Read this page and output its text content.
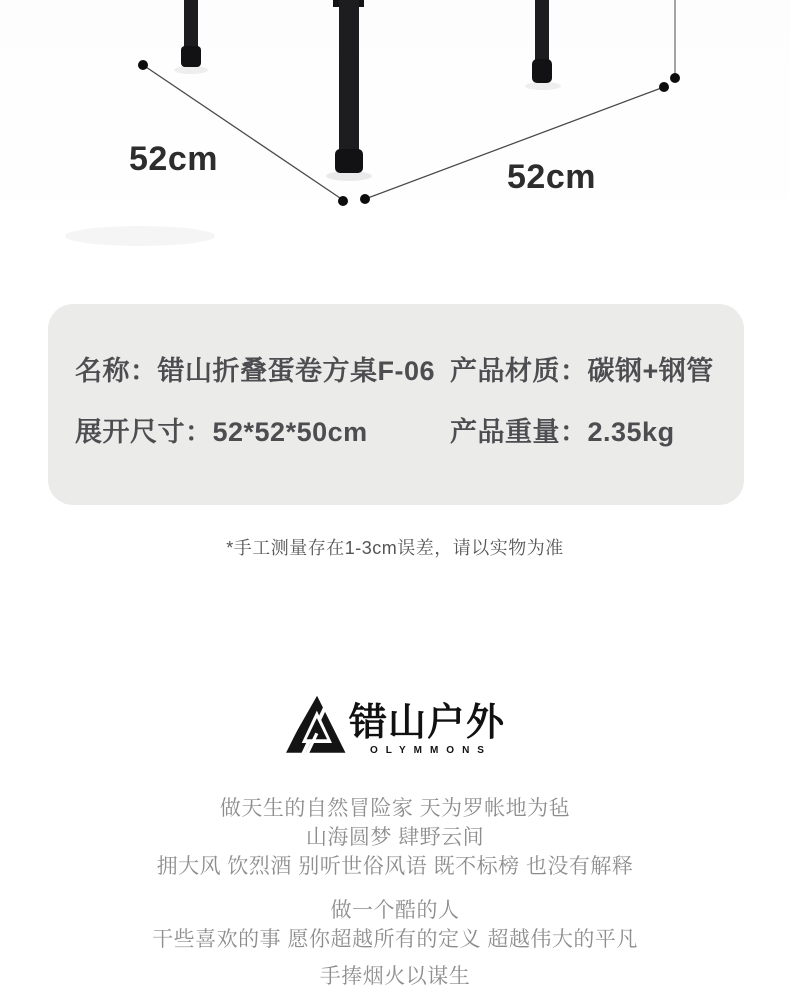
52cm	52cm
名称：错山折叠蛋卷方桌F-06 产品材质：碳钢+钢管
展开尺寸：52*52*50cm	产品重量：2.35kg

*手工测量存在1-3cm误差，请以实物为准

错山户外
OLYMMONS

做天生的自然冒险家 天为罗帐地为毡

山海圆梦 肆野云间

拥大风 饮烈酒 别听世俗风语 既不标榜 也没有解释

做一个酷的人

干些喜欢的事 愿你超越所有的定义 超越伟大的平凡

手捧烟火以谋生
